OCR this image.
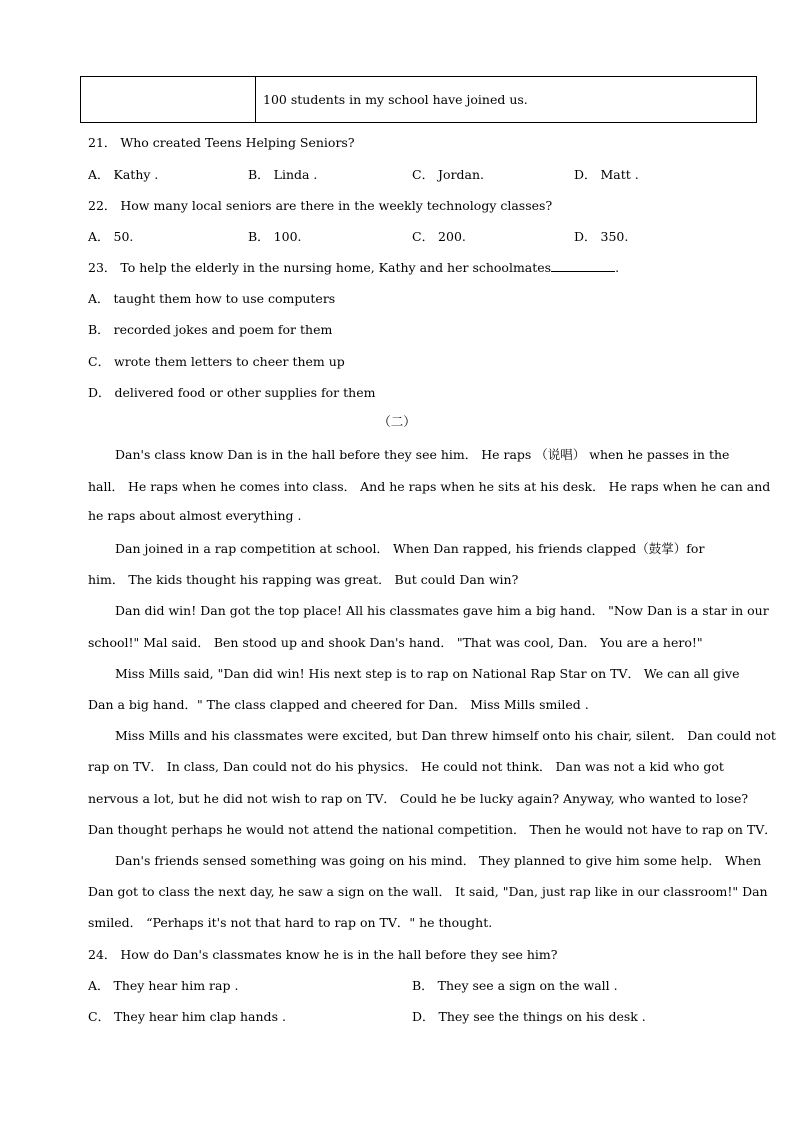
	100 students in my school have joined us.
21． Who created Teens Helping Seniors?
A． Kathy .	B． Linda .	C． Jordan.	D． Matt .
22． How many local seniors are there in the weekly technology classes?
A． 50.	B． 100.	C． 200.	D． 350.
23． To help the elderly in the nursing home, Kathy and her schoolmates	.
A． taught them how to use computers
B． recorded jokes and poem for them
C． wrote them letters to cheer them up
D． delivered food or other supplies for them
（二）
Dan's class know Dan is in the hall before they see him． He raps （说唱） when he passes in the
hall． He raps when he comes into class． And he raps when he sits at his desk． He raps when he can and
he raps about almost everything .
Dan joined in a rap competition at school． When Dan rapped, his friends clapped（鼓掌）for
him． The kids thought his rapping was great． But could Dan win?
Dan did win! Dan got the top place! All his classmates gave him a big hand． "Now Dan is a star in our
school!" Mal said． Ben stood up and shook Dan's hand． "That was cool, Dan． You are a hero!"
Miss Mills said, "Dan did win! His next step is to rap on National Rap Star on TV． We can all give
Dan a big hand．" The class clapped and cheered for Dan． Miss Mills smiled .
Miss Mills and his classmates were excited, but Dan threw himself onto his chair, silent． Dan could not
rap on TV． In class, Dan could not do his physics． He could not think． Dan was not a kid who got
nervous a lot, but he did not wish to rap on TV． Could he be lucky again? Anyway, who wanted to lose?
Dan thought perhaps he would not attend the national competition． Then he would not have to rap on TV．
Dan's friends sensed something was going on his mind． They planned to give him some help． When
Dan got to class the next day, he saw a sign on the wall． It said, "Dan, just rap like in our classroom!" Dan
smiled． “Perhaps it's not that hard to rap on TV．" he thought.
24． How do Dan's classmates know he is in the hall before they see him?
A． They hear him rap .	B． They see a sign on the wall .
C． They hear him clap hands .	D． They see the things on his desk .
